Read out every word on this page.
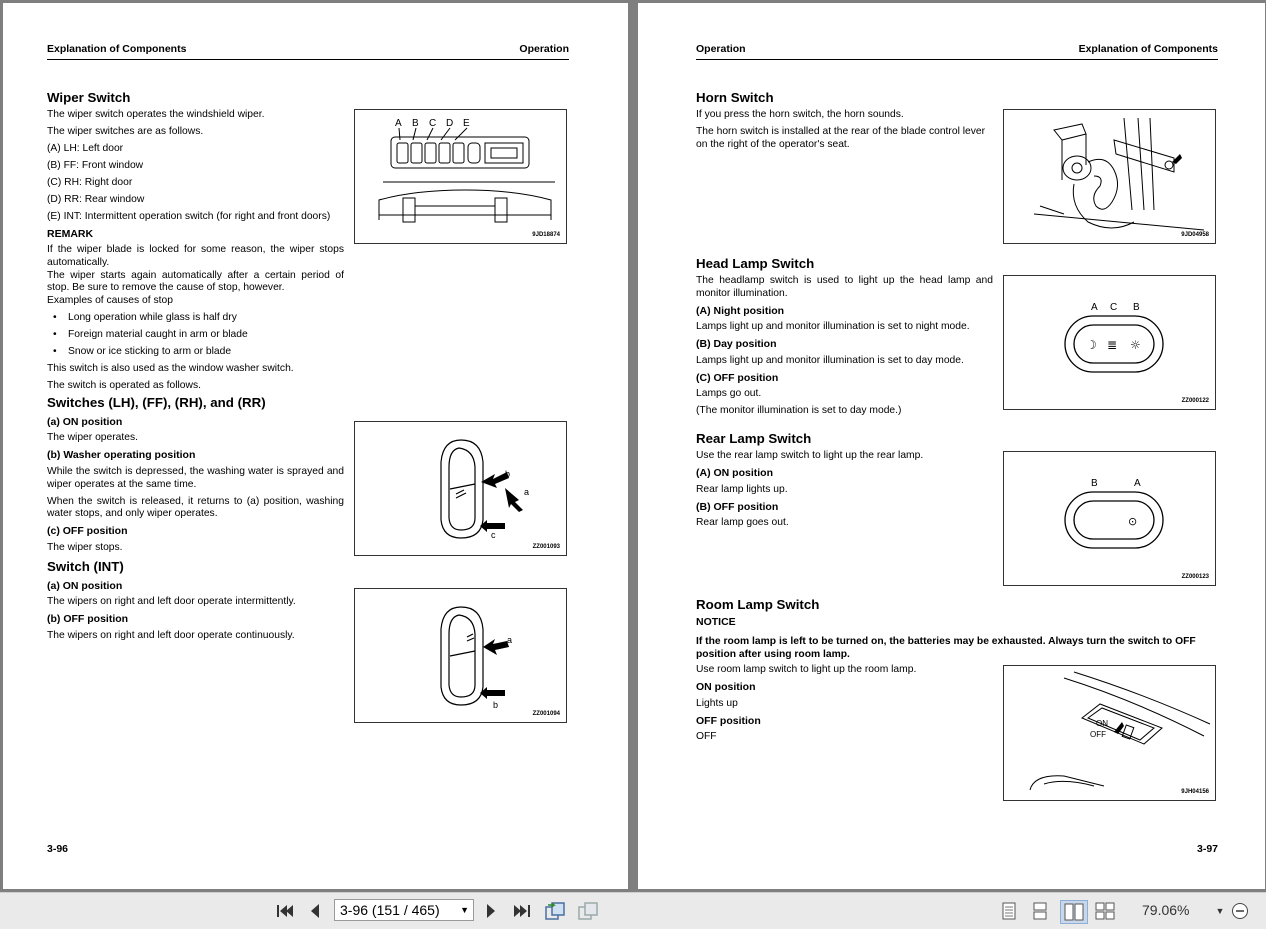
Explanation of Components	Operation
Wiper Switch

The wiper switch operates the windshield wiper.

The wiper switches are as follows.

(A) LH: Left door

(B) FF: Front window

(C) RH: Right door

(D) RR: Rear window

(E) INT: Intermittent operation switch (for right and front doors)

REMARK

If the wiper blade is locked for some reason, the wiper stops automatically.

The wiper starts again automatically after a certain period of stop. Be sure to remove the cause of stop, however.

Examples of causes of stop

• Long operation while glass is half dry
• Foreign material caught in arm or blade
• Snow or ice sticking to arm or blade

This switch is also used as the window washer switch.

The switch is operated as follows.

Switches (LH), (FF), (RH), and (RR)
(a) ON position

The wiper operates.

(b) Washer operating position

While the switch is depressed, the washing water is sprayed and wiper operates at the same time.

When the switch is released, it returns to (a) position, washing water stops, and only wiper operates.

(c) OFF position

The wiper stops.

Switch (INT)
(a) ON position

The wipers on right and left door operate intermittently.

(b) OFF position

The wipers on right and left door operate continuously.

A B C D E
9JD18874
b
a
c
ZZ001093
a
b
ZZ001094
3-96
Operation	Explanation of Components
Horn Switch

If you press the horn switch, the horn sounds.

The horn switch is installed at the rear of the blade control lever on the right of the operator's seat.

Head Lamp Switch

The headlamp switch is used to light up the head lamp and monitor illumination.

(A) Night position

Lamps light up and monitor illumination is set to night mode.

(B) Day position

Lamps light up and monitor illumination is set to day mode.

(C) OFF position

Lamps go out.

(The monitor illumination is set to day mode.)

Rear Lamp Switch

Use the rear lamp switch to light up the rear lamp.

(A) ON position

Rear lamp lights up.

(B) OFF position

Rear lamp goes out.

Room Lamp Switch
NOTICE
If the room lamp is left to be turned on, the batteries may be exhausted. Always turn the switch to OFF position after using room lamp.

Use room lamp switch to light up the room lamp.

ON position

Lights up

OFF position

OFF

9JD04958
A C B
☽ ≣ ☼
ZZ000122
B	A
⊙
ZZ000123
ON
OFF
9JH04156
3-97
3-96 (151 / 465) ▼	79.06%	▼
